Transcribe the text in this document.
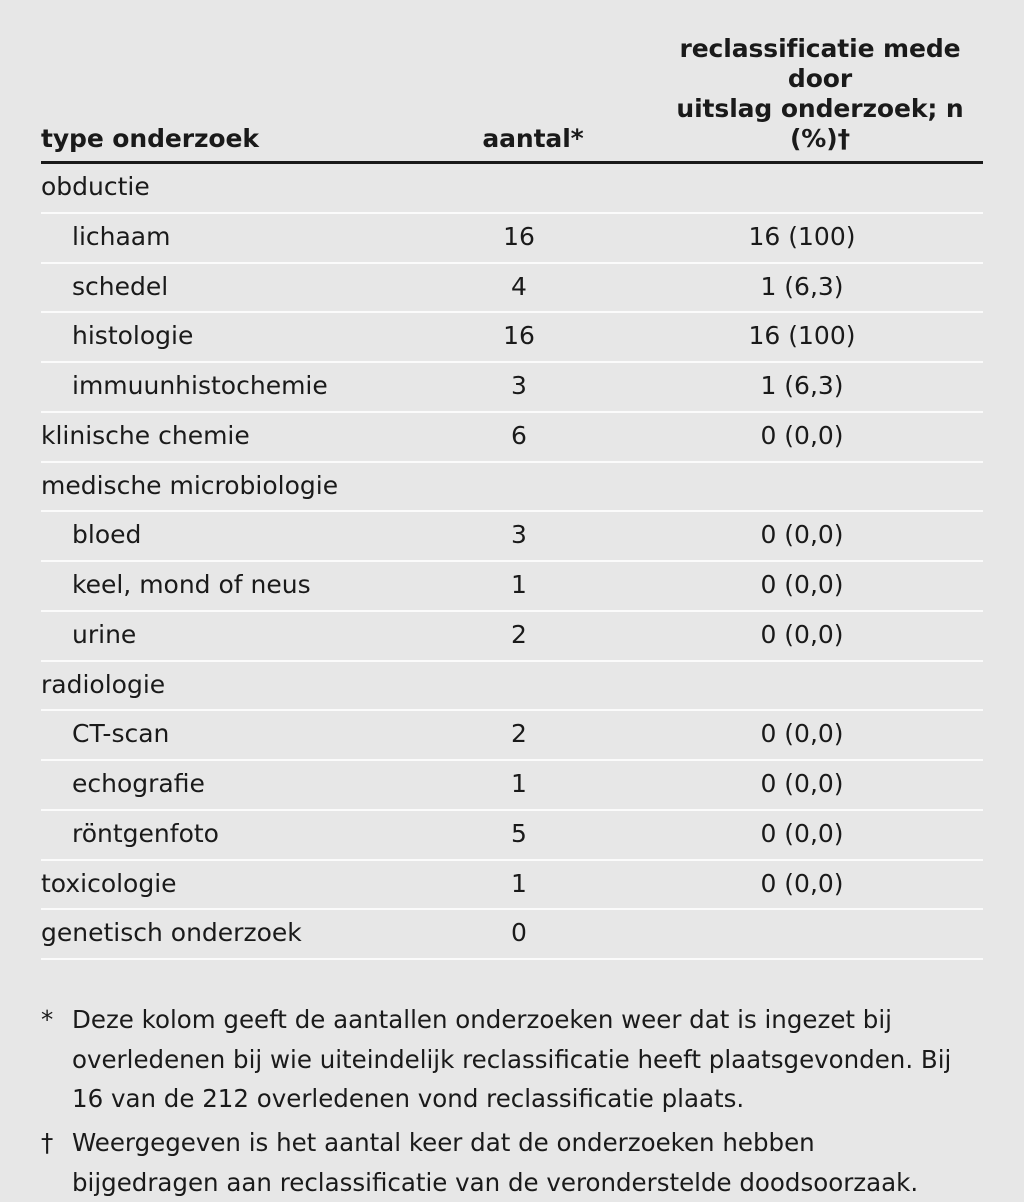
type onderzoek	aantal*	reclassificatie mede door
uitslag onderzoek; n (%)†
obductie		
lichaam	16	16 (100)
schedel	4	1 (6,3)
histologie	16	16 (100)
immuunhistochemie	3	1 (6,3)
klinische chemie	6	0 (0,0)
medische microbiologie		
bloed	3	0 (0,0)
keel, mond of neus	1	0 (0,0)
urine	2	0 (0,0)
radiologie		
CT-scan	2	0 (0,0)
echografie	1	0 (0,0)
röntgenfoto	5	0 (0,0)
toxicologie	1	0 (0,0)
genetisch onderzoek	0	
* Deze kolom geeft de aantallen onderzoeken weer dat is ingezet bij overledenen bij wie uiteindelijk reclassificatie heeft plaatsgevonden. Bij 16 van de 212 overledenen vond reclassificatie plaats.
† Weergegeven is het aantal keer dat de onderzoeken hebben bijgedragen aan reclassificatie van de veronderstelde doodsoorzaak.
